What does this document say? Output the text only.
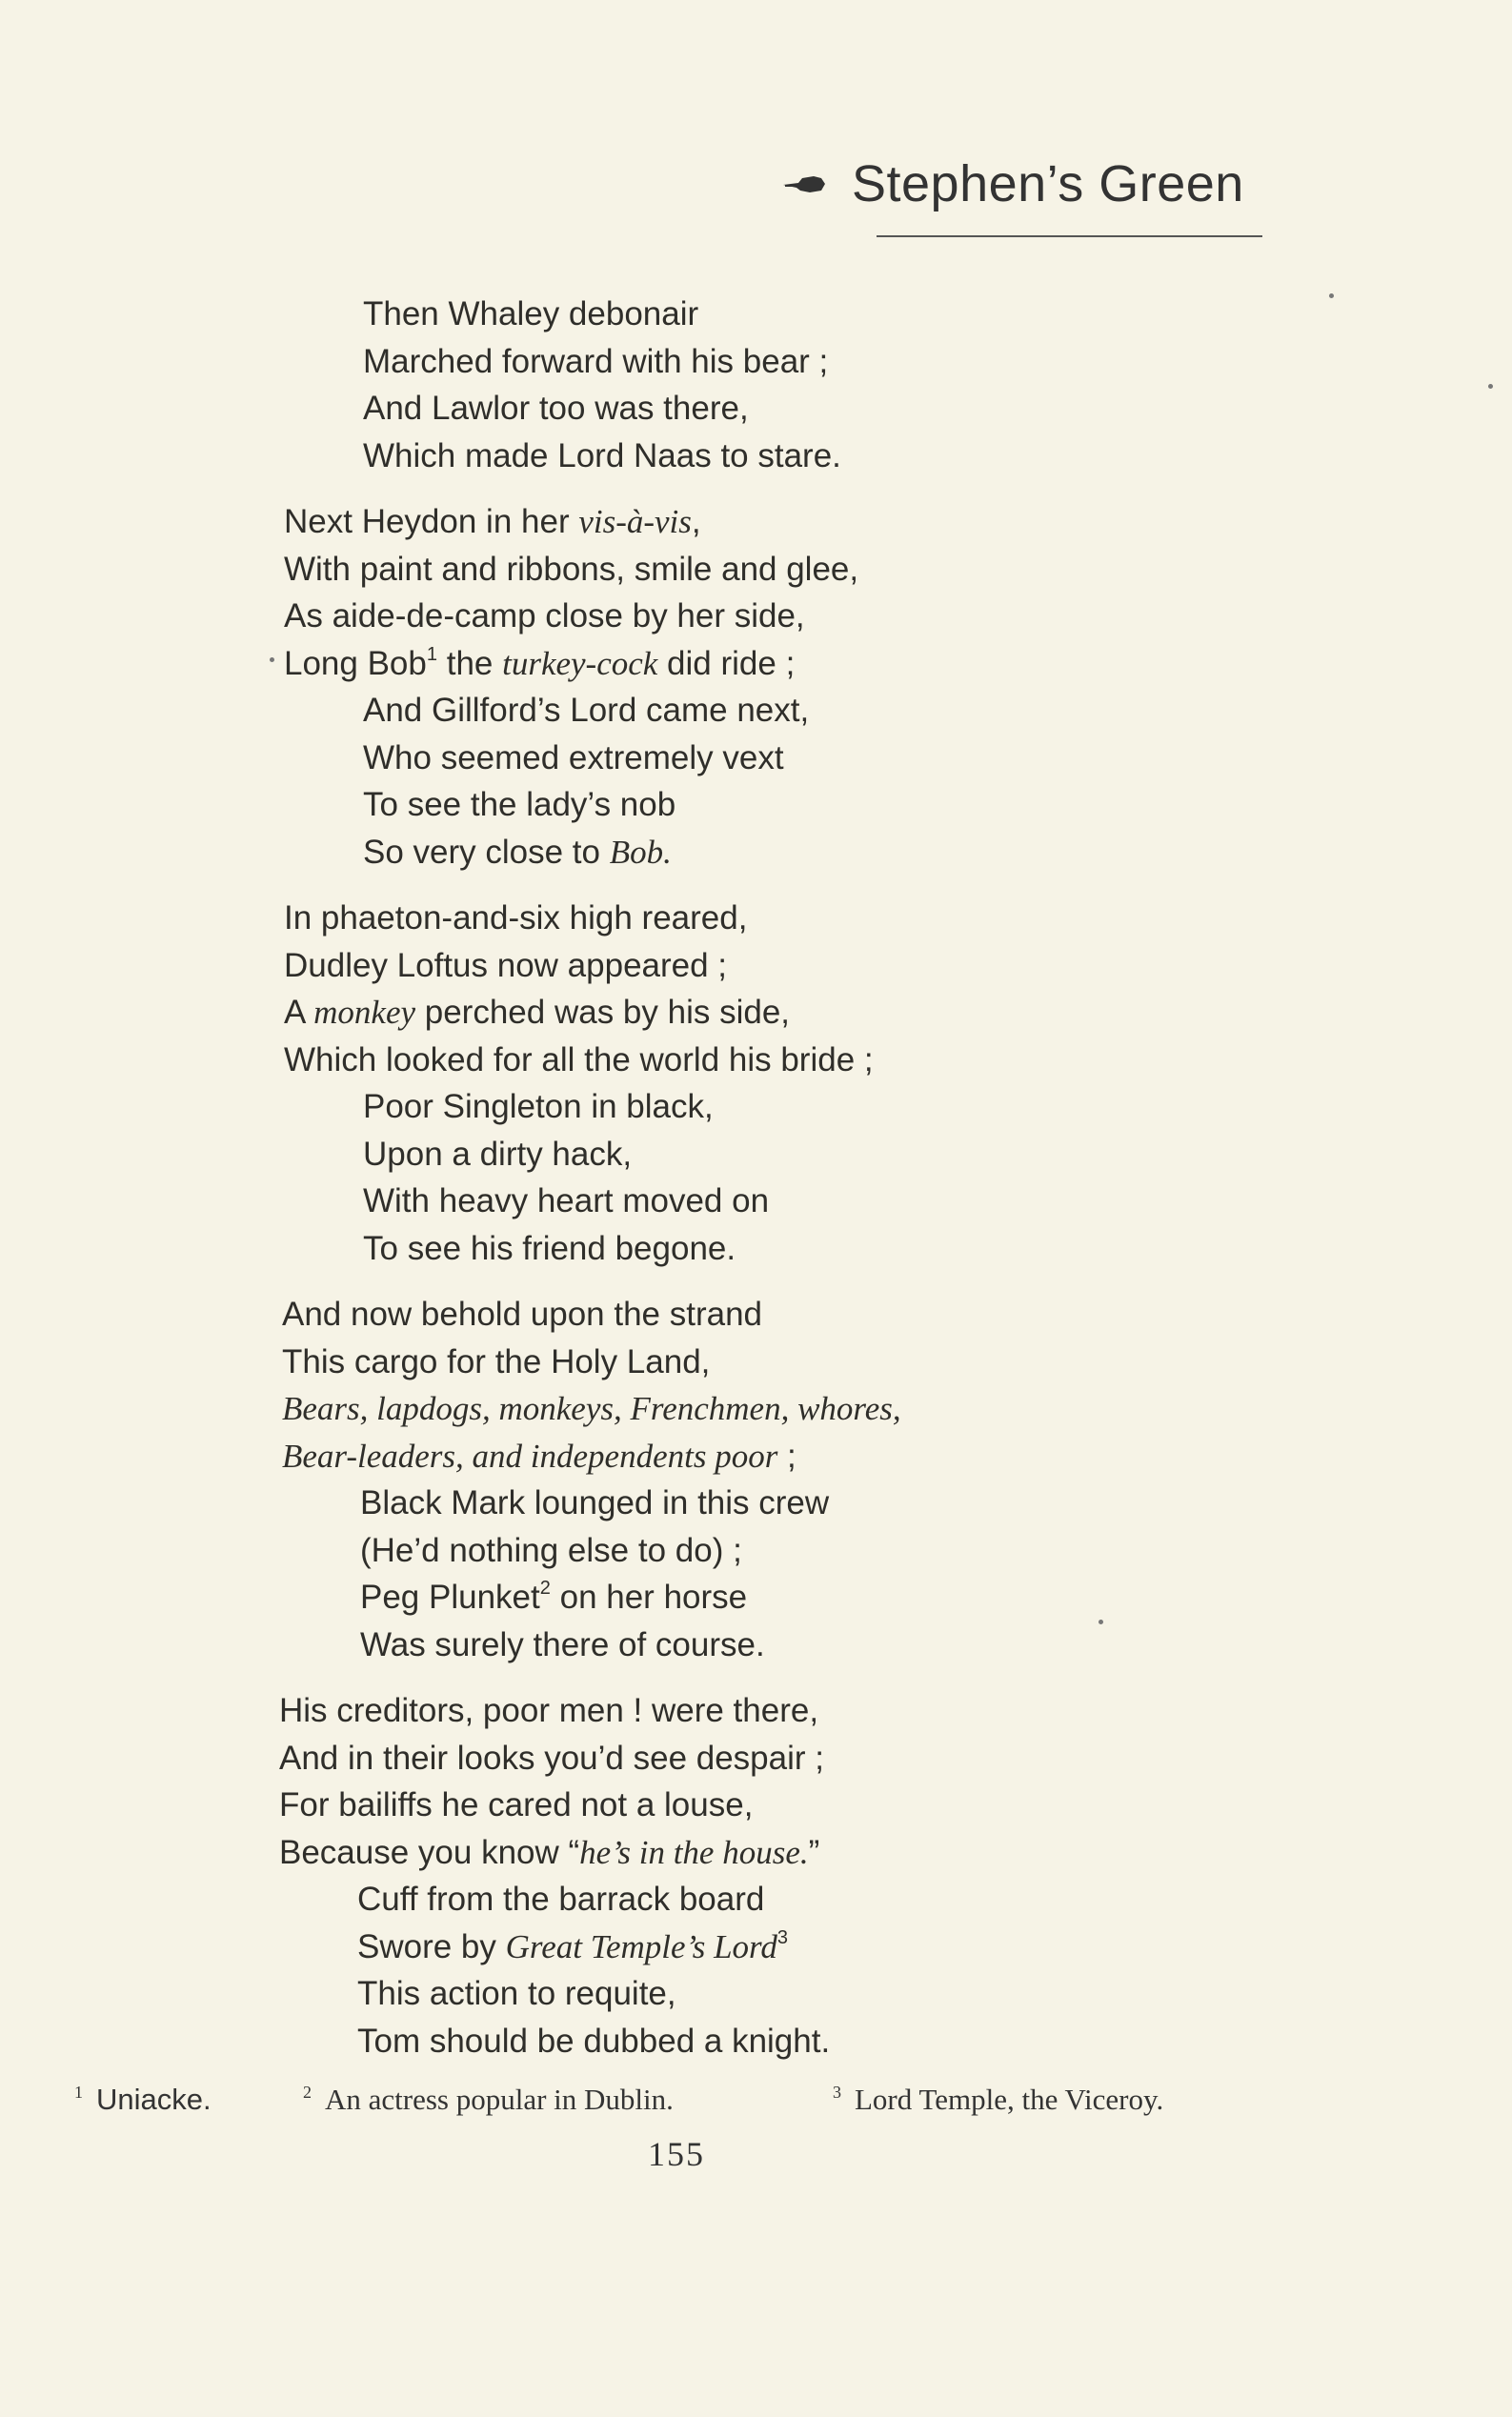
Stephen’s Green
Then Whaley debonair
Marched forward with his bear ;
And Lawlor too was there,
Which made Lord Naas to stare.
Next Heydon in her vis-à-vis,
With paint and ribbons, smile and glee,
As aide-de-camp close by her side,
Long Bob$^1$ the turkey-cock did ride ;
And Gillford’s Lord came next,
Who seemed extremely vext
To see the lady’s nob
So very close to Bob.
In phaeton-and-six high reared,
Dudley Loftus now appeared ;
A monkey perched was by his side,
Which looked for all the world his bride ;
Poor Singleton in black,
Upon a dirty hack,
With heavy heart moved on
To see his friend begone.
And now behold upon the strand
This cargo for the Holy Land,
Bears, lapdogs, monkeys, Frenchmen, whores,
Bear-leaders, and independents poor ;
Black Mark lounged in this crew
(He’d nothing else to do) ;
Peg Plunket$^2$ on her horse
Was surely there of course.
His creditors, poor men ! were there,
And in their looks you’d see despair ;
For bailiffs he cared not a louse,
Because you know “he’s in the house.”
Cuff from the barrack board
Swore by Great Temple’s Lord$^3$
This action to requite,
Tom should be dubbed a knight.
$^1$ Uniacke.	$^2$ An actress popular in Dublin.	$^3$ Lord Temple, the Viceroy.
155
